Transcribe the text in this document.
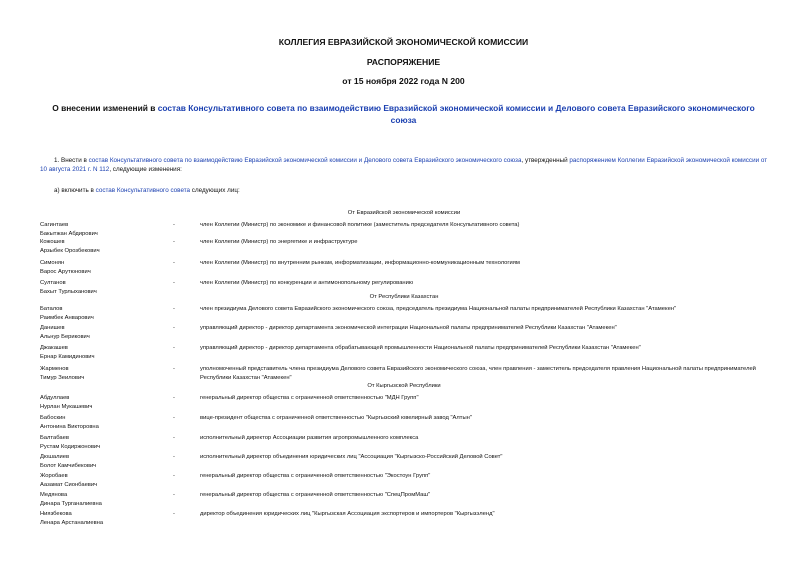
КОЛЛЕГИЯ ЕВРАЗИЙСКОЙ ЭКОНОМИЧЕСКОЙ КОМИССИИ
РАСПОРЯЖЕНИЕ
от 15 ноября 2022 года N 200
О внесении изменений в состав Консультативного совета по взаимодействию Евразийской экономической комиссии и Делового совета Евразийского экономического союза
1. Внести в состав Консультативного совета по взаимодействию Евразийской экономической комиссии и Делового совета Евразийского экономического союза, утвержденный распоряжением Коллегии Евразийской экономической комиссии от 10 августа 2021 г. N 112, следующие изменения:
а) включить в состав Консультативного совета следующих лиц:
От Евразийской экономической комиссии
Сагинтаев
Бакытжан Абдирович
-	член Коллегии (Министр) по экономике и финансовой политике (заместитель председателя Консультативного совета)
Кожошев
Арзыбек Орозбекович
-	член Коллегии (Министр) по энергетике и инфраструктуре
Симонян
Варос Арутюнович
-	член Коллегии (Министр) по внутренним рынкам, информатизации, информационно-коммуникационным технологиям
Султанов
Бахыт Турлыханович
-	член Коллегии (Министр) по конкуренции и антимонопольному регулированию
От Республики Казахстан
Баталов
Раимбек Анварович
-	член президиума Делового совета Евразийского экономического союза, председатель президиума Национальной палаты предпринимателей Республики Казахстан "Атамекен"
Данишев
Альнур Берикович
-	управляющий директор - директор департамента экономической интеграции Национальной палаты предпринимателей Республики Казахстан "Атамекен"
Джакашев
Ернар Камидинович
-	управляющий директор - директор департамента обрабатывающей промышленности Национальной палаты предпринимателей Республики Казахстан "Атамекен"
Жарменов
Тимур Зеилович
-	уполномоченный представитель члена президиума Делового совета Евразийского экономического союза, член правления - заместитель председателя правления Национальной палаты предпринимателей Республики Казахстан "Атамекен"
От Кыргызской Республики
Абдуллаев
Нурлан Мукашевич
-	генеральный директор общества с ограниченной ответственностью "МДН Групп"
Бабоскин
Антонина Викторовна
-	вице-президент общества с ограниченной ответственностью "Кыргызский ювелирный завод "Алтын"
Балтабаев
Рустам Кодиржонович
-	исполнительный директор Ассоциации развития агропромышленного комплекса
Дюшалиев
Болот Камчибекович
-	исполнительный директор объединения юридических лиц "Ассоциация "Кыргызско-Российский Деловой Совет"
Жоробаев
Аазамат Сионбаевич
-	генеральный директор общества с ограниченной ответственностью "Экостоун Групп"
Медянова
Динара Турганалиевна
-	генеральный директор общества с ограниченной ответственностью "СпецПромМаш"
Ниязбекова
Ленара Арстаналиевна
-	директор объединения юридических лиц "Кыргызская Ассоциация экспортеров и импортеров "Кыргызэленд"
